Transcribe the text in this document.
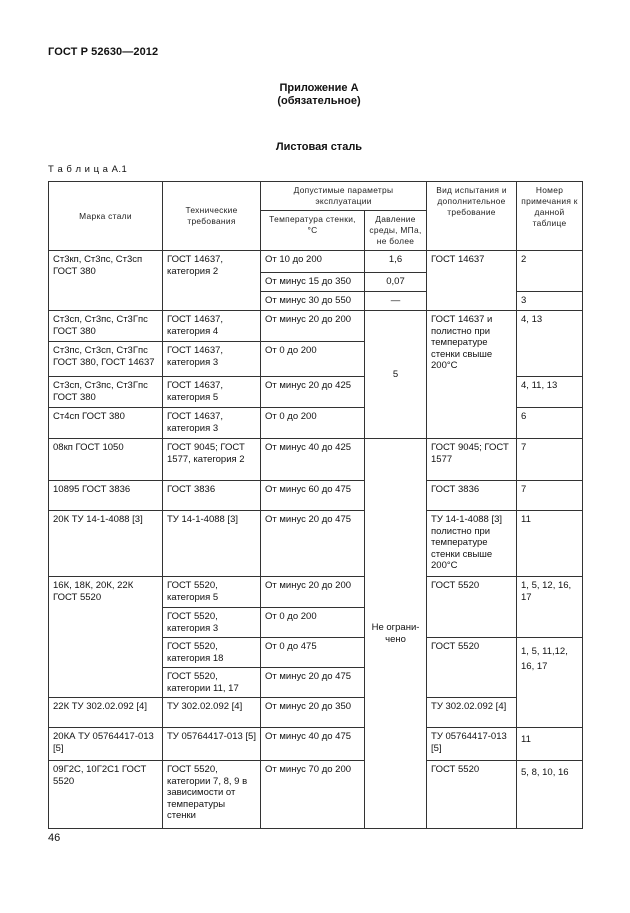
ГОСТ Р 52630—2012
Приложение А
(обязательное)
Листовая сталь
Т а б л и ц а А.1
Марка стали	Технические требования	Допустимые параметры эксплуатации		Вид испытания и дополнительное требование	Номер примечания к данной таблице
		Температура стенки, °С	Давление среды, МПа, не более		
Ст3кп, Ст3пс, Ст3сп ГОСТ 380	ГОСТ 14637, категория 2	От 10 до 200	1,6	ГОСТ 14637	2
		От минус 15 до 350	0,07		
		От минус 30 до 550	—		3
Ст3сп, Ст3пс, Ст3Гпс ГОСТ 380	ГОСТ 14637, категория 4	От минус 20 до 200	5	ГОСТ 14637 и полистно при температуре стенки свыше 200°С	4, 13
Ст3пс, Ст3сп, Ст3Гпс ГОСТ 380, ГОСТ 14637	ГОСТ 14637, категория 3	От 0 до 200			
Ст3сп, Ст3пс, Ст3Гпс ГОСТ 380	ГОСТ 14637, категория 5	От минус 20 до 425			4, 11, 13
Ст4сп ГОСТ 380	ГОСТ 14637, категория 3	От 0 до 200			6
08кп ГОСТ 1050	ГОСТ 9045; ГОСТ 1577, категория 2	От минус 40 до 425	Не ограни-чено	ГОСТ 9045; ГОСТ 1577	7
10895 ГОСТ 3836	ГОСТ 3836	От минус 60 до 475		ГОСТ 3836	7
20К ТУ 14-1-4088 [3]	ТУ 14-1-4088 [3]	От минус 20 до 475		ТУ 14-1-4088 [3] полистно при температуре стенки свыше 200°С	11
16К, 18К, 20К, 22К ГОСТ 5520	ГОСТ 5520, категория 5	От минус 20 до 200		ГОСТ 5520	1, 5, 12, 16, 17
	ГОСТ 5520, категория 3	От 0 до 200			
	ГОСТ 5520, категория 18	От 0 до 475		ГОСТ 5520	1, 5, 11,12, 16, 17
	ГОСТ 5520, категории 11, 17	От минус 20 до 475			
22К ТУ 302.02.092 [4]	ТУ 302.02.092 [4]	От минус 20 до 350		ТУ 302.02.092 [4]	
20КА ТУ 05764417-013 [5]	ТУ 05764417-013 [5]	От минус 40 до 475		ТУ 05764417-013 [5]	11
09Г2С, 10Г2С1 ГОСТ 5520	ГОСТ 5520, категории 7, 8, 9 в зависимости от температуры стенки	От минус 70 до 200		ГОСТ 5520	5, 8, 10, 16
46
